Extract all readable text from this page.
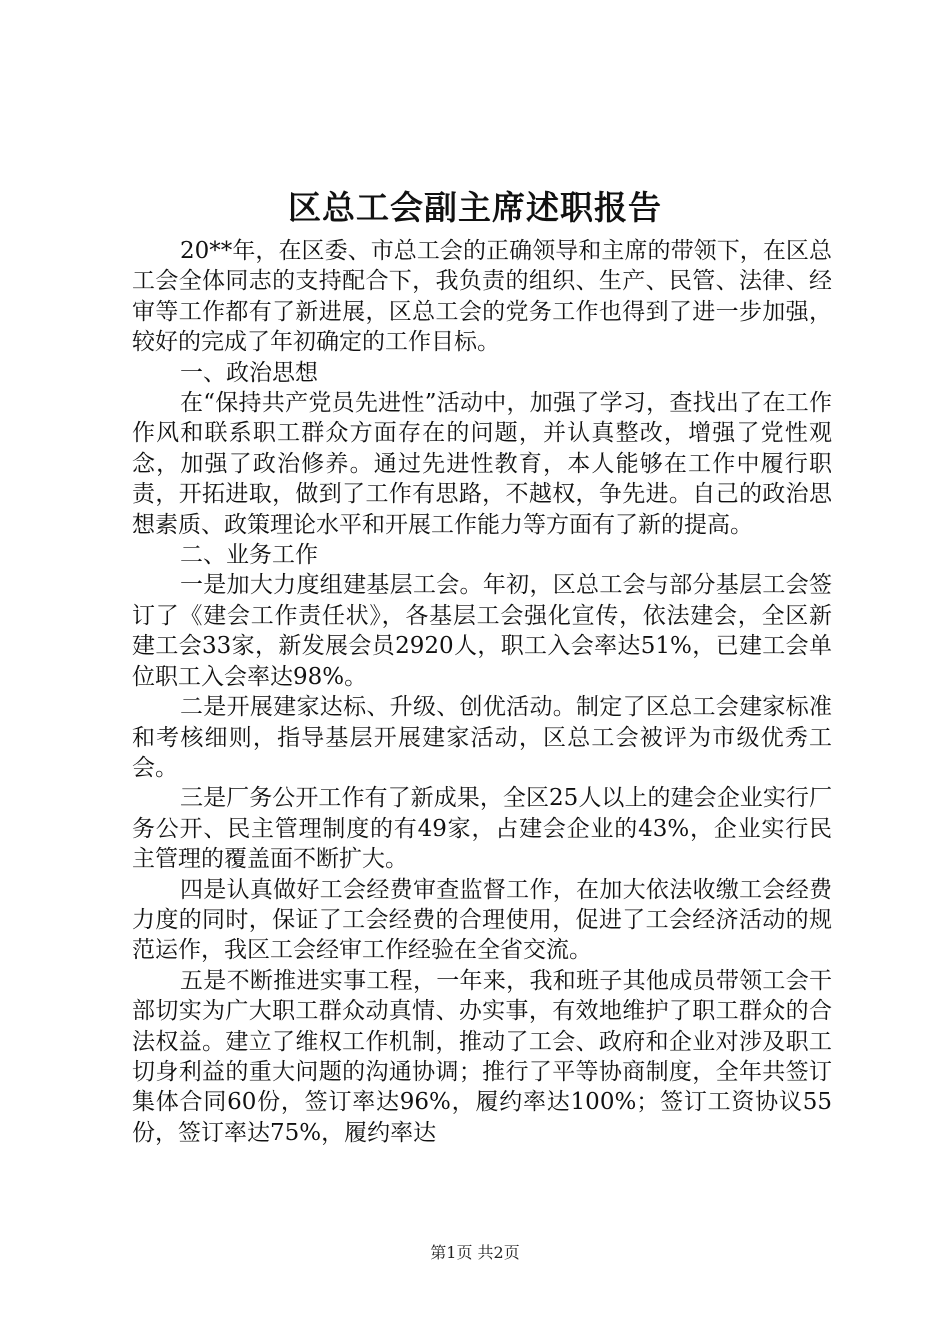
区总工会副主席述职报告

20**年，在区委、市总工会的正确领导和主席的带领下，在区总工会全体同志的支持配合下，我负责的组织、生产、民管、法律、经审等工作都有了新进展，区总工会的党务工作也得到了进一步加强，较好的完成了年初确定的工作目标。

一、政治思想

在“保持共产党员先进性”活动中，加强了学习，查找出了在工作作风和联系职工群众方面存在的问题，并认真整改，增强了党性观念，加强了政治修养。通过先进性教育，本人能够在工作中履行职责，开拓进取，做到了工作有思路，不越权，争先进。自己的政治思想素质、政策理论水平和开展工作能力等方面有了新的提高。

二、业务工作

一是加大力度组建基层工会。年初，区总工会与部分基层工会签订了《建会工作责任状》，各基层工会强化宣传，依法建会，全区新建工会33家，新发展会员2920人，职工入会率达51%，已建工会单位职工入会率达98%。

二是开展建家达标、升级、创优活动。制定了区总工会建家标准和考核细则，指导基层开展建家活动，区总工会被评为市级优秀工会。

三是厂务公开工作有了新成果，全区25人以上的建会企业实行厂务公开、民主管理制度的有49家，占建会企业的43%，企业实行民主管理的覆盖面不断扩大。

四是认真做好工会经费审查监督工作，在加大依法收缴工会经费力度的同时，保证了工会经费的合理使用，促进了工会经济活动的规范运作，我区工会经审工作经验在全省交流。

五是不断推进实事工程，一年来，我和班子其他成员带领工会干部切实为广大职工群众动真情、办实事，有效地维护了职工群众的合法权益。建立了维权工作机制，推动了工会、政府和企业对涉及职工切身利益的重大问题的沟通协调；推行了平等协商制度，全年共签订集体合同60份，签订率达96%，履约率达100%；签订工资协议55份，签订率达75%，履约率达

第1页 共2页
